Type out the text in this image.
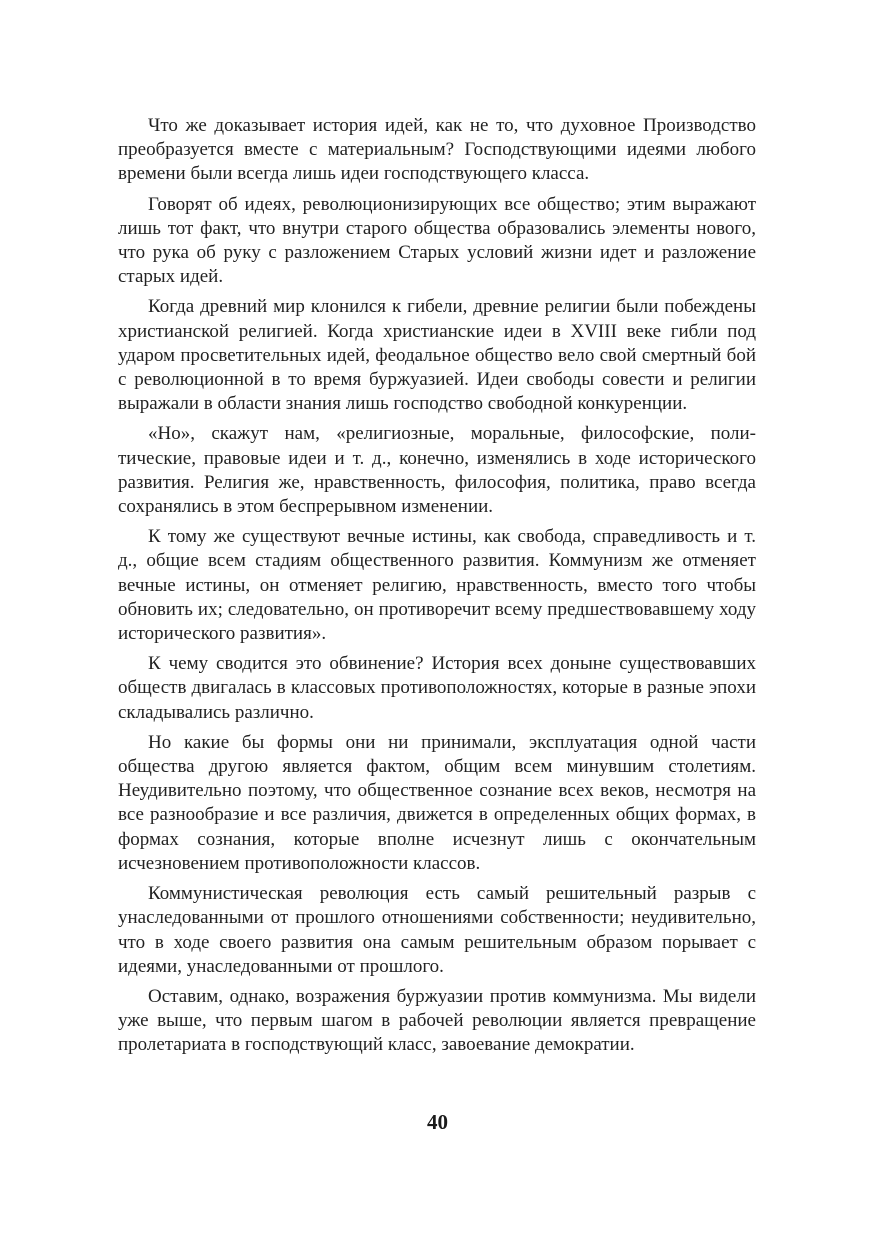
Что же доказывает история идей, как не то, что духовное Производство преобразуется вместе с материальным? Господствующими идеями любого времени были всегда лишь идеи господствующего класса.

Говорят об идеях, революционизирующих все общество; этим выражают лишь тот факт, что внутри старого общества образовались элементы нового, что рука об руку с разложением Старых условий жизни идет и разложение старых идей.

Когда древний мир клонился к гибели, древние религии были побеждены христианской религией. Когда христианские идеи в XVIII веке гибли под ударом просветительных идей, феодальное общество вело свой смертный бой с революционной в то время буржуазией. Идеи свободы совести и религии выражали в области знания лишь господство свободной конкуренции.

«Но», скажут нам, «религиозные, моральные, философские, политические, правовые идеи и т. д., конечно, изменялись в ходе исторического развития. Религия же, нравственность, философия, политика, право всегда сохранялись в этом беспрерывном изменении.

К тому же существуют вечные истины, как свобода, справедливость и т. д., общие всем стадиям общественного развития. Коммунизм же отменяет вечные истины, он отменяет религию, нравственность, вместо того чтобы обновить их; следовательно, он противоречит всему предшествовавшему ходу исторического развития».

К чему сводится это обвинение? История всех доныне существовавших обществ двигалась в классовых противоположностях, которые в разные эпохи складывались различно.

Но какие бы формы они ни принимали, эксплуатация одной части общества другою является фактом, общим всем минувшим столетиям. Неудивительно поэтому, что общественное сознание всех веков, несмотря на все разнообразие и все различия, движется в определенных общих формах, в формах сознания, которые вполне исчезнут лишь с окончательным исчезновением противоположности классов.

Коммунистическая революция есть самый решительный разрыв с унаследованными от прошлого отношениями собственности; неудивительно, что в ходе своего развития она самым решительным образом порывает с идеями, унаследованными от прошлого.

Оставим, однако, возражения буржуазии против коммунизма. Мы видели уже выше, что первым шагом в рабочей революции является превращение пролетариата в господствующий класс, завоевание демократии.

40
